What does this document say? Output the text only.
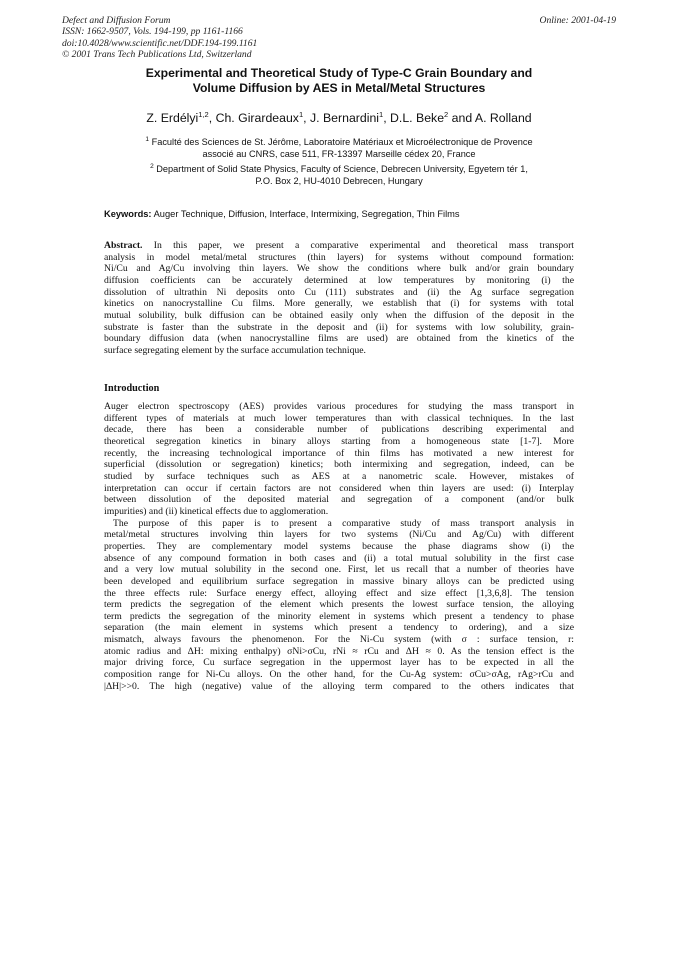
Defect and Diffusion Forum
ISSN: 1662-9507, Vols. 194-199, pp 1161-1166
doi:10.4028/www.scientific.net/DDF.194-199.1161
© 2001 Trans Tech Publications Ltd, Switzerland
Online: 2001-04-19
Experimental and Theoretical Study of Type-C Grain Boundary and
Volume Diffusion by AES in Metal/Metal Structures
Z. Erdélyi$^{1,2}$, Ch. Girardeaux$^1$, J. Bernardini$^1$, D.L. Beke$^2$ and A. Rolland
$^1$ Faculté des Sciences de St. Jérôme, Laboratoire Matériaux et Microélectronique de Provence
associé au CNRS, case 511, FR-13397 Marseille cédex 20, France
$^2$ Department of Solid State Physics, Faculty of Science, Debrecen University, Egyetem tér 1,
P.O. Box 2, HU-4010 Debrecen, Hungary
Keywords: Auger Technique, Diffusion, Interface, Intermixing, Segregation, Thin Films
Abstract. In this paper, we present a comparative experimental and theoretical mass transport
analysis in model metal/metal structures (thin layers) for systems without compound formation:
Ni/Cu and Ag/Cu involving thin layers. We show the conditions where bulk and/or grain boundary
diffusion coefficients can be accurately determined at low temperatures by monitoring (i) the
dissolution of ultrathin Ni deposits onto Cu (111) substrates and (ii) the Ag surface segregation
kinetics on nanocrystalline Cu films. More generally, we establish that (i) for systems with total
mutual solubility, bulk diffusion can be obtained easily only when the diffusion of the deposit in the
substrate is faster than the substrate in the deposit and (ii) for systems with low solubility, grain-
boundary diffusion data (when nanocrystalline films are used) are obtained from the kinetics of the
surface segregating element by the surface accumulation technique.
Introduction
Auger electron spectroscopy (AES) provides various procedures for studying the mass transport in
different types of materials at much lower temperatures than with classical techniques. In the last
decade, there has been a considerable number of publications describing experimental and
theoretical segregation kinetics in binary alloys starting from a homogeneous state [1-7]. More
recently, the increasing technological importance of thin films has motivated a new interest for
superficial (dissolution or segregation) kinetics; both intermixing and segregation, indeed, can be
studied by surface techniques such as AES at a nanometric scale. However, mistakes of
interpretation can occur if certain factors are not considered when thin layers are used: (i) Interplay
between dissolution of the deposited material and segregation of a component (and/or bulk
impurities) and (ii) kinetical effects due to agglomeration.
The purpose of this paper is to present a comparative study of mass transport analysis in
metal/metal structures involving thin layers for two systems (Ni/Cu and Ag/Cu) with different
properties. They are complementary model systems because the phase diagrams show (i) the
absence of any compound formation in both cases and (ii) a total mutual solubility in the first case
and a very low mutual solubility in the second one. First, let us recall that a number of theories have
been developed and equilibrium surface segregation in massive binary alloys can be predicted using
the three effects rule: Surface energy effect, alloying effect and size effect [1,3,6,8]. The tension
term predicts the segregation of the element which presents the lowest surface tension, the alloying
term predicts the segregation of the minority element in systems which present a tendency to phase
separation (the main element in systems which present a tendency to ordering), and a size
mismatch, always favours the phenomenon. For the Ni-Cu system (with σ : surface tension, r:
atomic radius and ΔH: mixing enthalpy) σNi>σCu, rNi ≈ rCu and ΔH ≈ 0. As the tension effect is the
major driving force, Cu surface segregation in the uppermost layer has to be expected in all the
composition range for Ni-Cu alloys. On the other hand, for the Cu-Ag system: σCu>σAg, rAg>rCu and
|ΔH|>>0. The high (negative) value of the alloying term compared to the others indicates that
